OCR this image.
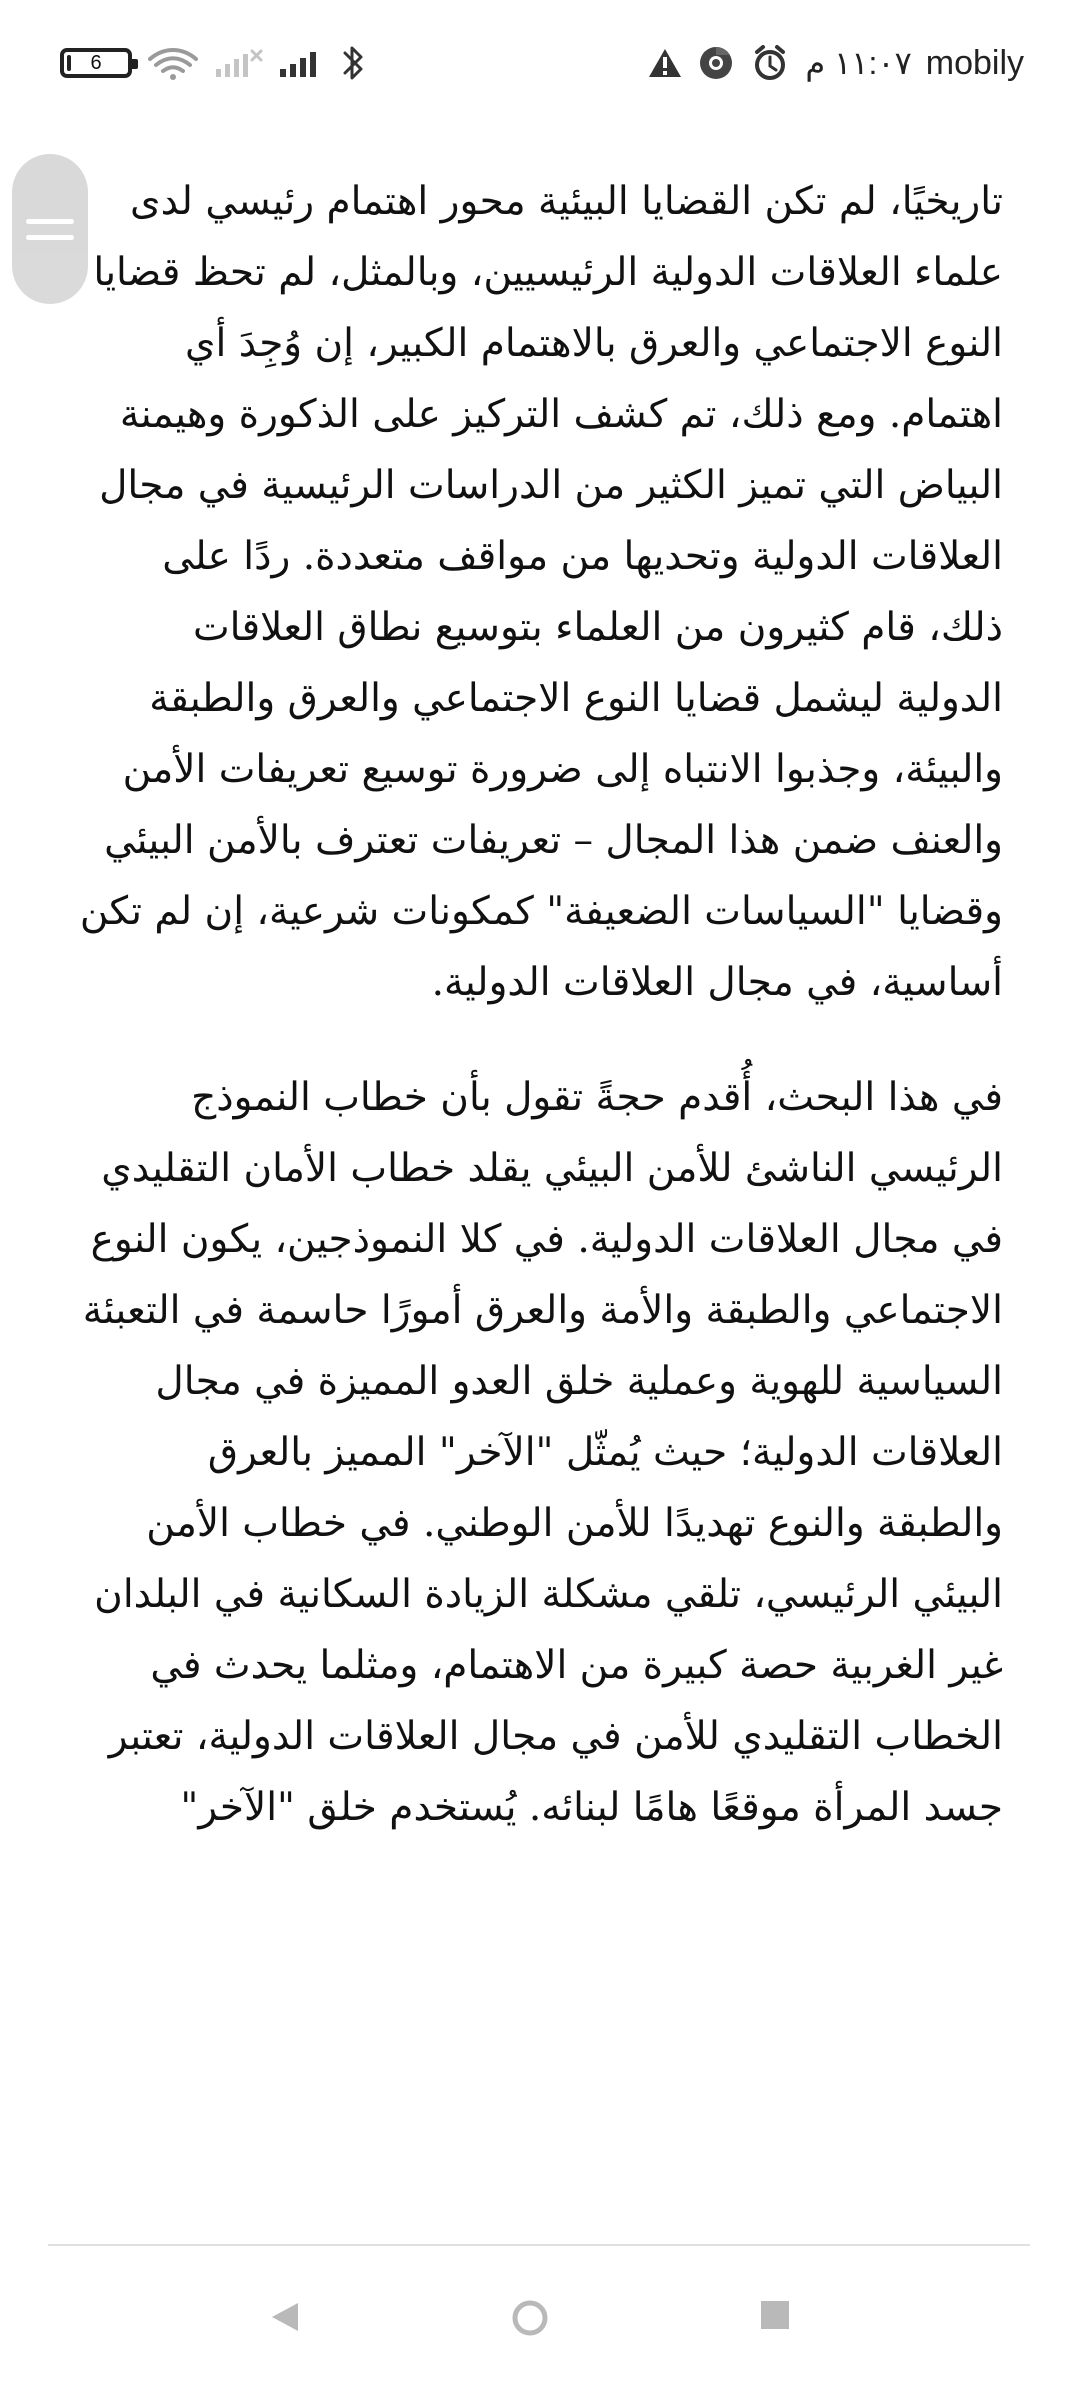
6	١١:٠٧ م mobily

تاريخيًا، لم تكن القضايا البيئية محور اهتمام رئيسي لدى علماء العلاقات الدولية الرئيسيين، وبالمثل، لم تحظ قضايا النوع الاجتماعي والعرق بالاهتمام الكبير، إن وُجِدَ أي اهتمام. ومع ذلك، تم كشف التركيز على الذكورة وهيمنة البياض التي تميز الكثير من الدراسات الرئيسية في مجال العلاقات الدولية وتحديها من مواقف متعددة. ردًا على ذلك، قام كثيرون من العلماء بتوسيع نطاق العلاقات الدولية ليشمل قضايا النوع الاجتماعي والعرق والطبقة والبيئة، وجذبوا الانتباه إلى ضرورة توسيع تعريفات الأمن والعنف ضمن هذا المجال – تعريفات تعترف بالأمن البيئي وقضايا "السياسات الضعيفة" كمكونات شرعية، إن لم تكن أساسية، في مجال العلاقات الدولية.

في هذا البحث، أُقدم حجةً تقول بأن خطاب النموذج الرئيسي الناشئ للأمن البيئي يقلد خطاب الأمان التقليدي في مجال العلاقات الدولية. في كلا النموذجين، يكون النوع الاجتماعي والطبقة والأمة والعرق أمورًا حاسمة في التعبئة السياسية للهوية وعملية خلق العدو المميزة في مجال العلاقات الدولية؛ حيث يُمثّل "الآخر" المميز بالعرق والطبقة والنوع تهديدًا للأمن الوطني. في خطاب الأمن البيئي الرئيسي، تلقي مشكلة الزيادة السكانية في البلدان غير الغربية حصة كبيرة من الاهتمام، ومثلما يحدث في الخطاب التقليدي للأمن في مجال العلاقات الدولية، تعتبر جسد المرأة موقعًا هامًا لبنائه. يُستخدم خلق "الآخر"
